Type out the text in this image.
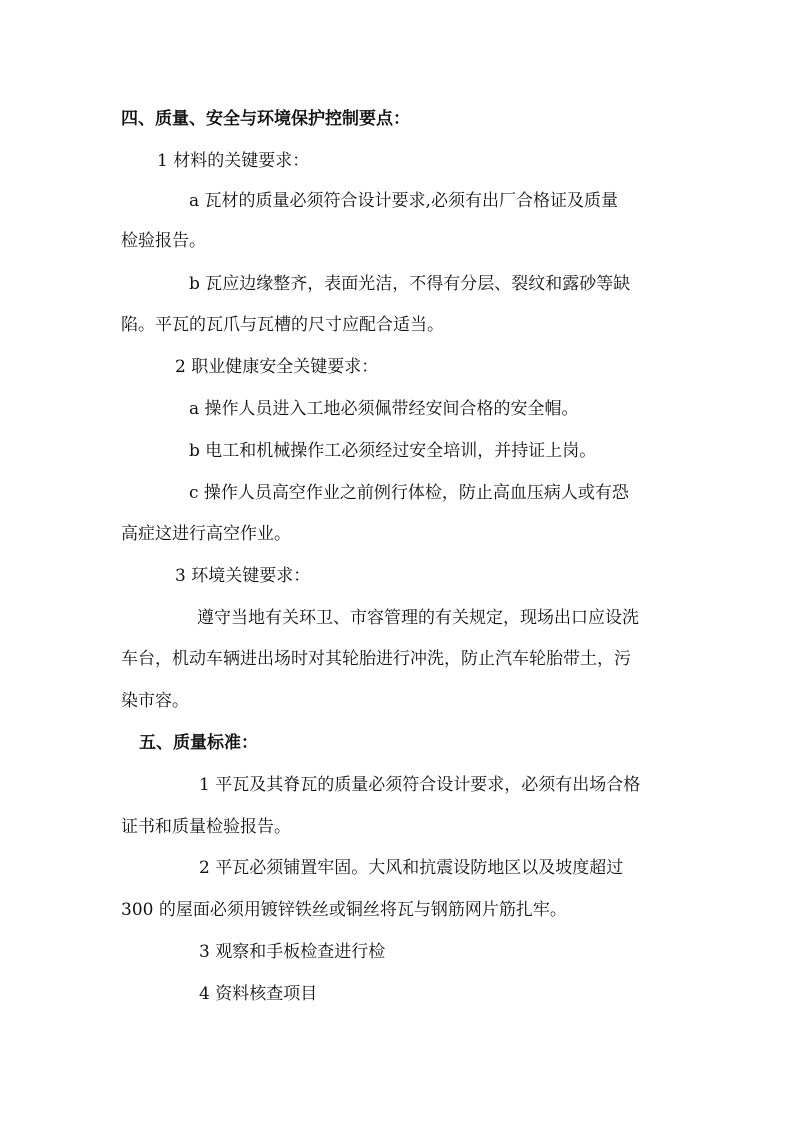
四、质量、安全与环境保护控制要点：
1 材料的关键要求：
a 瓦材的质量必须符合设计要求,必须有出厂合格证及质量
检验报告。
b 瓦应边缘整齐，表面光洁，不得有分层、裂纹和露砂等缺
陷。平瓦的瓦爪与瓦槽的尺寸应配合适当。
2 职业健康安全关键要求：
a 操作人员进入工地必须佩带经安间合格的安全帽。
b 电工和机械操作工必须经过安全培训，并持证上岗。
c 操作人员高空作业之前例行体检，防止高血压病人或有恐
高症这进行高空作业。
3 环境关键要求：
遵守当地有关环卫、市容管理的有关规定，现场出口应设洗
车台，机动车辆进出场时对其轮胎进行冲洗，防止汽车轮胎带土，污
染市容。
五、质量标准：
1 平瓦及其脊瓦的质量必须符合设计要求，必须有出场合格
证书和质量检验报告。
2 平瓦必须铺置牢固。大风和抗震设防地区以及坡度超过
300 的屋面必须用镀锌铁丝或铜丝将瓦与钢筋网片筋扎牢。
3 观察和手板检查进行检
4 资料核查项目
